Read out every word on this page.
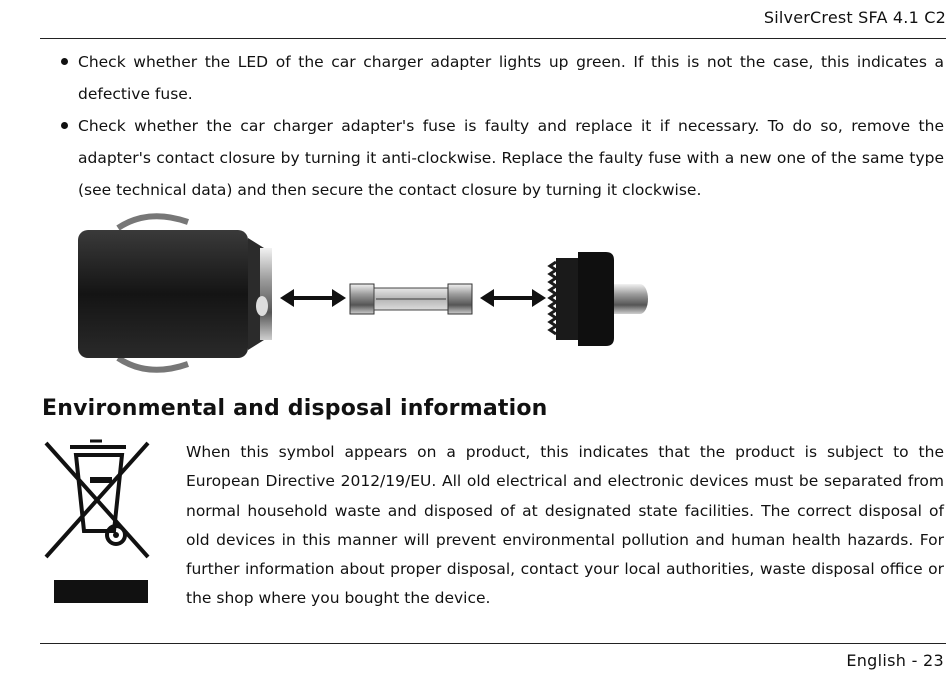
SilverCrest SFA 4.1 C2
Check whether the LED of the car charger adapter lights up green. If this is not the case, this indicates a defective fuse.
Check whether the car charger adapter's fuse is faulty and replace it if necessary. To do so, remove the adapter's contact closure by turning it anti-clockwise. Replace the faulty fuse with a new one of the same type (see technical data) and then secure the contact closure by turning it clockwise.
Environmental and disposal information

When this symbol appears on a product, this indicates that the product is subject to the European Directive 2012/19/EU. All old electrical and electronic devices must be separated from normal household waste and disposed of at designated state facilities. The correct disposal of old devices in this manner will prevent environmental pollution and human health hazards. For further information about proper disposal, contact your local authorities, waste disposal office or the shop where you bought the device.

English - 23
